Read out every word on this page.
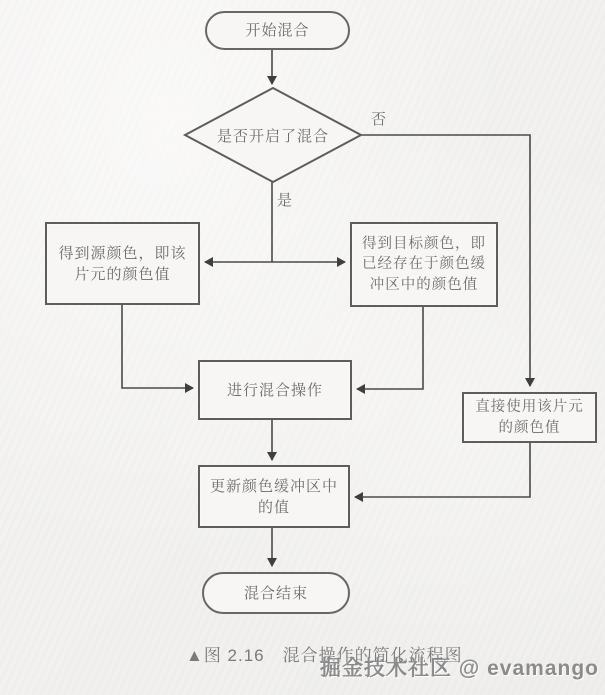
开始混合
是否开启了混合
否
是
得到源颜色，即该片元的颜色值
得到目标颜色，即已经存在于颜色缓冲区中的颜色值
进行混合操作
直接使用该片元的颜色值
更新颜色缓冲区中的值
混合结束
▲图 2.16　混合操作的简化流程图
掘金技术社区 @ evamango
